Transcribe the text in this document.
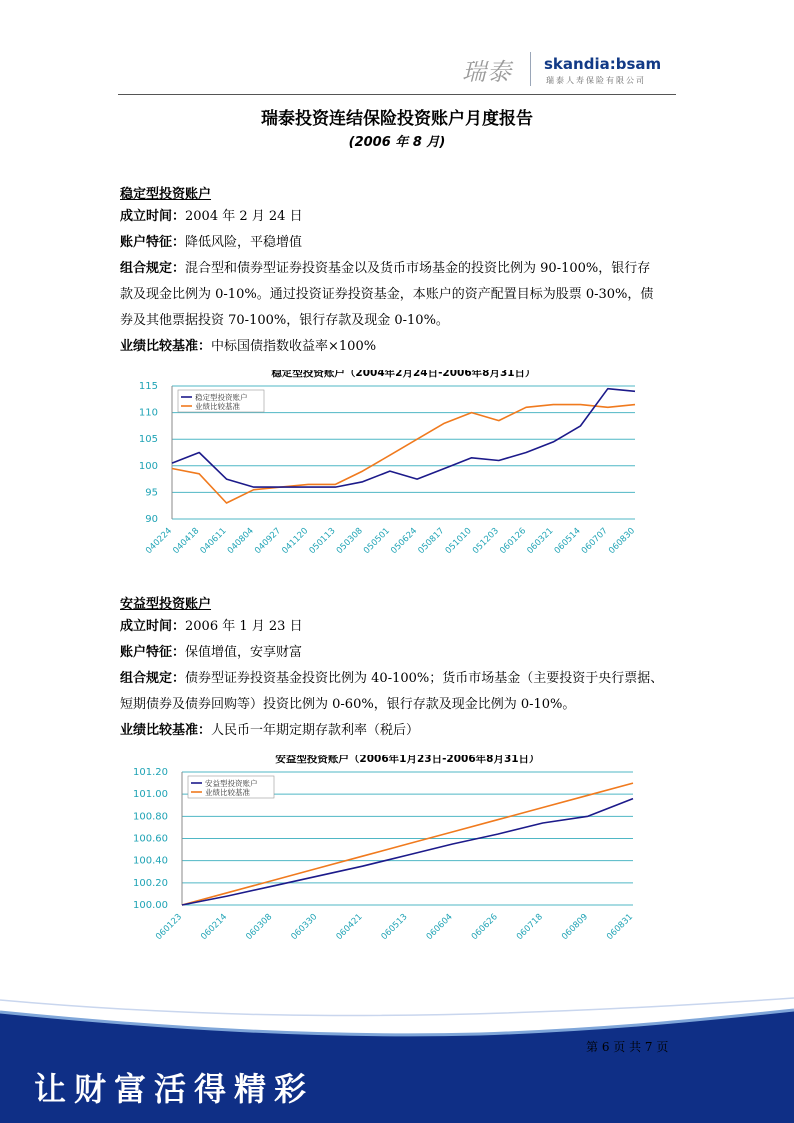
瑞泰 skandia:bsam
瑞泰人寿保险有限公司
瑞泰投资连结保险投资账户月度报告
(2006 年 8 月)
稳定型投资账户
成立时间：2004 年 2 月 24 日
账户特征：降低风险，平稳增值
组合规定：混合型和债券型证券投资基金以及货币市场基金的投资比例为 90-100%，银行存
款及现金比例为 0-10%。通过投资证券投资基金，本账户的资产配置目标为股票 0-30%，债
券及其他票据投资 70-100%，银行存款及现金 0-10%。
业绩比较基准：中标国债指数收益率×100%
稳定型投资账户（2004年2月24日-2006年8月31日）
90
95
100
105
110
115
040224
040418
040611
040804
040927
041120
050113
050308
050501
050624
050817
051010
051203
060126
060321
060514
060707
060830
稳定型投资账户
业绩比较基准
安益型投资账户
成立时间：2006 年 1 月 23 日
账户特征：保值增值，安享财富
组合规定：债券型证券投资基金投资比例为 40-100%；货币市场基金（主要投资于央行票据、
短期债券及债券回购等）投资比例为 0-60%，银行存款及现金比例为 0-10%。
业绩比较基准：人民币一年期定期存款利率（税后）
安益型投资账户（2006年1月23日-2006年8月31日）
100.00
100.20
100.40
100.60
100.80
101.00
101.20
060123 060214 060308 060330 060421 060513 060604 060626 060718 060809 060831
安益型投资账户
业绩比较基准
第 6 页 共 7 页
让财富活得精彩
